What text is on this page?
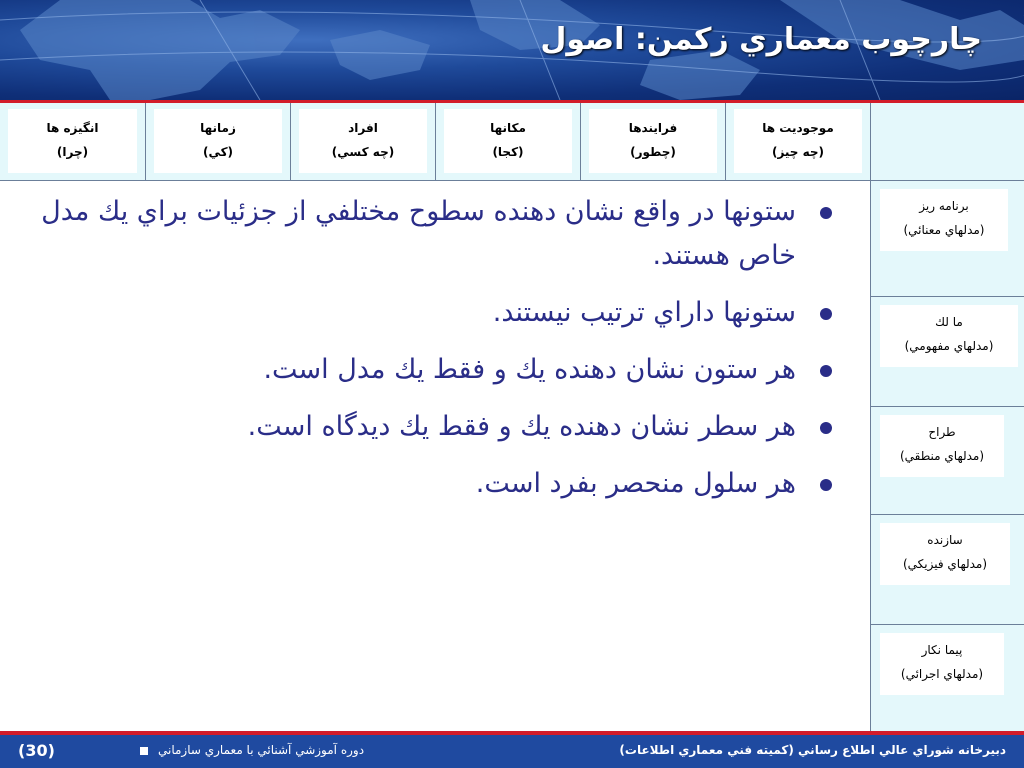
چارچوب معماري زكمن: اصول
موجوديت ها
(چه چيز)
فرايندها
(چطور)
مكانها
(كجا)
افراد
(چه كسي)
زمانها
(كي)
انگيزه ها
(چرا)
برنامه ريز
(مدلهاي معنائي)
ما لك
(مدلهاي مفهومي)
طراح
(مدلهاي منطقي)
سازنده
(مدلهاي فيزيكي)
پيما نكار
(مدلهاي اجرائي)
ستونها در واقع نشان دهنده سطوح مختلفي از جزئيات براي يك مدل خاص هستند.
ستونها داراي ترتيب نيستند.
هر ستون نشان دهنده يك و فقط يك مدل است.
هر سطر نشان دهنده يك و فقط يك ديدگاه است.
هر سلول منحصر بفرد است.
دبيرخانه شوراي عالي اطلاع رساني (كميته فني معماري اطلاعات)
دوره آموزشي آشنائي با معماري سازماني
(30)
